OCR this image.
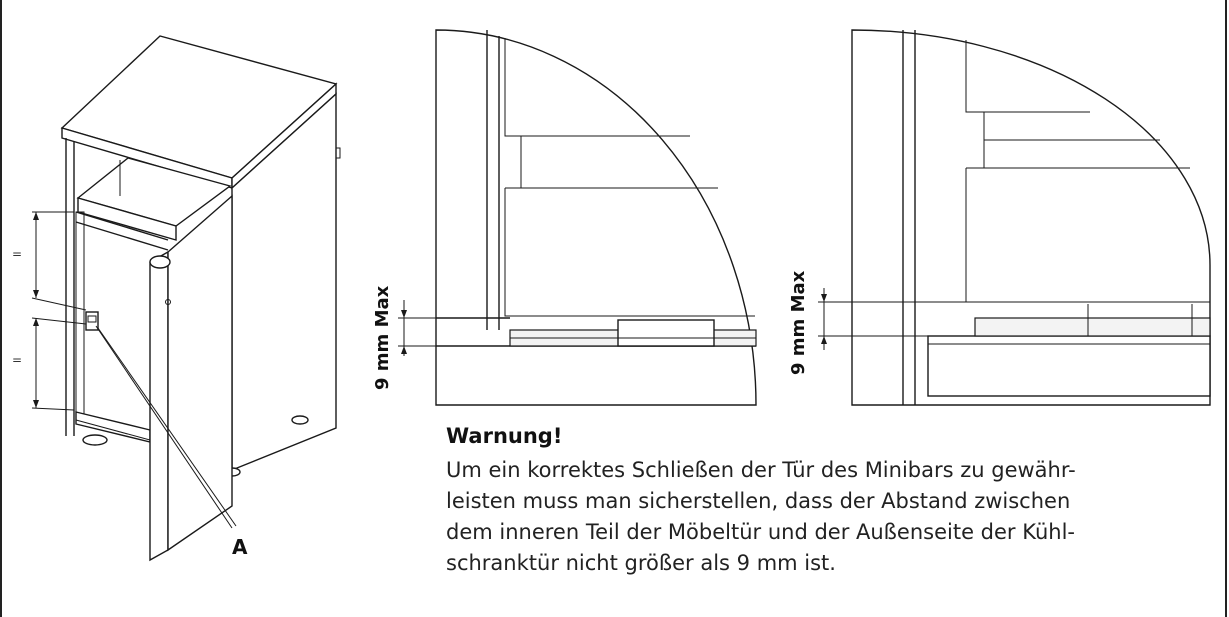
=
=	9 mm Max	9 mm Max
A
Warnung!

Um ein korrektes Schließen der Tür des Minibars zu gewähr-
leisten muss man sicherstellen, dass der Abstand zwischen
dem inneren Teil der Möbeltür und der Außenseite der Kühl-
schranktür nicht größer als 9 mm ist.
